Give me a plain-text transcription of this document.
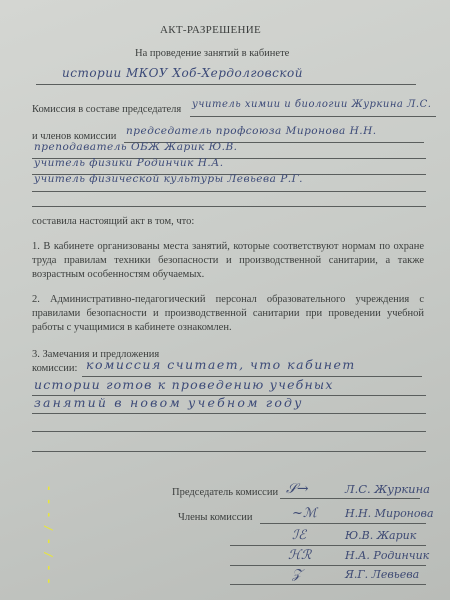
АКТ-РАЗРЕШЕНИЕ
На проведение занятий в кабинете
истории МКОУ Хоб-Хердолговской
Комиссия в составе председателя учитель химии и биологии Журкина Л.С.
и членов комиссии председатель профсоюза Миронова Н.Н.
преподаватель ОБЖ Жарик Ю.В.
учитель физики Родинчик Н.А.
учитель физической культуры Левьева Р.Г.
составила настоящий акт в том, что:
1. В кабинете организованы места занятий, которые соответствуют нормам по охране труда правилам техники безопасности и производственной санитарии, а также возрастным особенностям обучаемых.
2. Административно-педагогический персонал образовательного учреждения с правилами безопасности и производственной санитарии при проведении учебной работы с учащимися в кабинете ознакомлен.
3. Замечания и предложения
комиссии: комиссия считает, что кабинет
истории готов к проведению учебных
занятий в новом учебном году
Председатель комиссии 𝒮→	Л.С. Журкина
Члены комиссии	~ℳ	Н.Н. Миронова
ℐℰ	Ю.В. Жарик
ℋℛ	Н.А. Родинчик
𝒵	Я.Г. Левьева
- - / - / - - -
